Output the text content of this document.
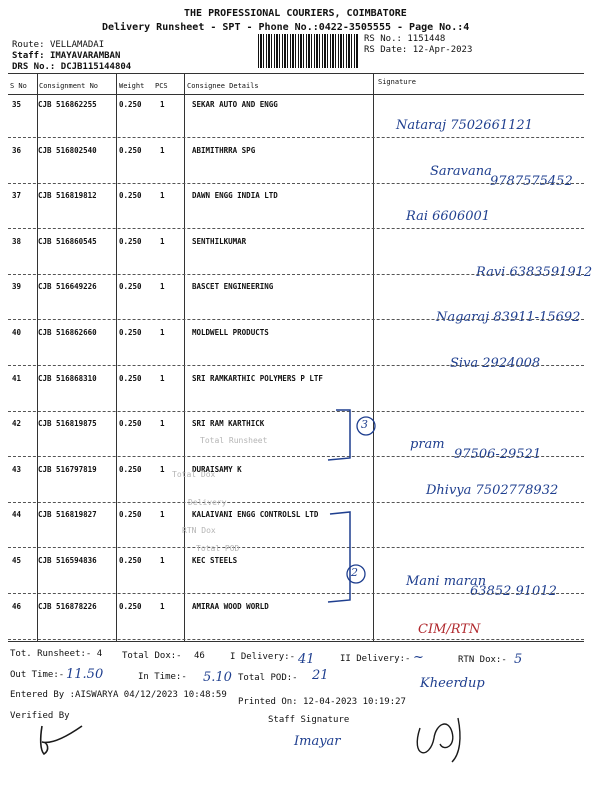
THE PROFESSIONAL COURIERS, COIMBATORE
Delivery Runsheet - SPT - Phone No.:0422-3505555 - Page No.:4
Route: VELLAMADAI
Staff: IMAYAVARAMBAN
DRS No.: DCJB115144804
RS No.: 1151448
RS Date: 12-Apr-2023
S No Consignment No	Weight PCS	Consignee Details	Signature
35 CJB 516862255	0.250 1	SEKAR AUTO AND ENGG
Nataraj 7502661121
36 CJB 516802540	0.250 1	ABIMITHRRA SPG
Saravana
9787575452
37 CJB 516819812	0.250 1	DAWN ENGG INDIA LTD
Rai 6606001
38 CJB 516860545	0.250 1	SENTHILKUMAR
Ravi 6383591912
39 CJB 516649226	0.250 1	BASCET ENGINEERING
Nagaraj 83911-15692
40 CJB 516862660	0.250 1	MOLDWELL PRODUCTS
Siva 2924008
41 CJB 516868310	0.250 1	SRI RAMKARTHIC POLYMERS P LTF
42 CJB 516819875	0.250 1	SRI RAM KARTHICK
pram
97506-29521
43 CJB 516797819	0.250 1	DURAISAMY K
Dhivya 7502778932
44 CJB 516819827	0.250 1	KALAIVANI ENGG CONTROLSL LTD
45 CJB 516594836	0.250 1	KEC STEELS
Mani maran
63852 91012
46 CJB 516878226	0.250 1	AMIRAA WOOD WORLD
CIM/RTN
Total Runsheet
Total Dox
Delivery
RTN Dox
Total POD
3
2
Tot. Runsheet:- 4 Total Dox:- 46	I Delivery:- 41	II Delivery:- ~	RTN Dox:- 5
Out Time:- 11.50	In Time:- 5.10 Total POD:- 21
Kheerdup
Entered By :AISWARYA 04/12/2023 10:48:59
Printed On: 12-04-2023 10:19:27
Verified By	Staff Signature
Imayar
